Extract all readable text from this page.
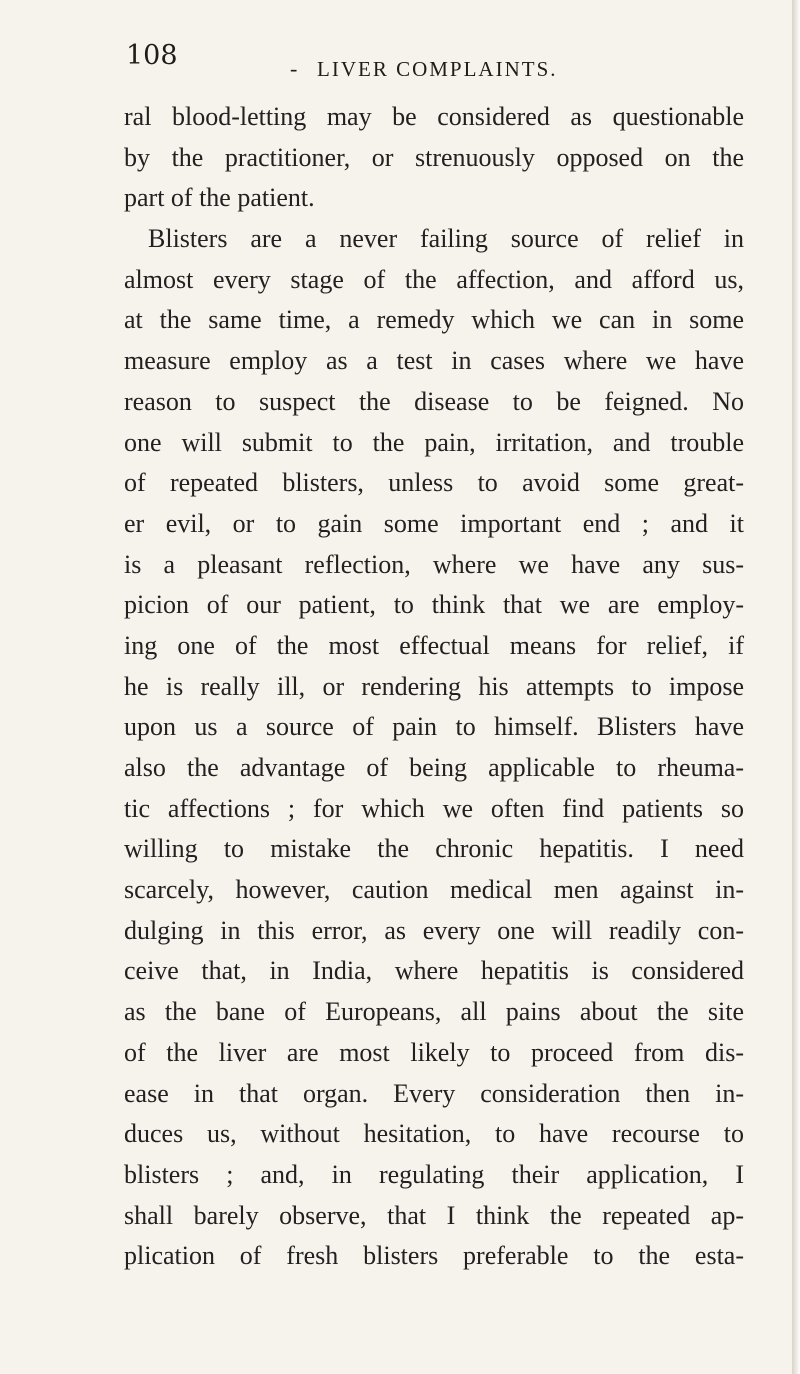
108	- LIVER COMPLAINTS.
ral blood-letting may be considered as questionable
by the practitioner, or strenuously opposed on the
part of the patient.
Blisters are a never failing source of relief in
almost every stage of the affection, and afford us,
at the same time, a remedy which we can in some
measure employ as a test in cases where we have
reason to suspect the disease to be feigned. No
one will submit to the pain, irritation, and trouble
of repeated blisters, unless to avoid some great-
er evil, or to gain some important end ; and it
is a pleasant reflection, where we have any sus-
picion of our patient, to think that we are employ-
ing one of the most effectual means for relief, if
he is really ill, or rendering his attempts to impose
upon us a source of pain to himself. Blisters have
also the advantage of being applicable to rheuma-
tic affections ; for which we often find patients so
willing to mistake the chronic hepatitis. I need
scarcely, however, caution medical men against in-
dulging in this error, as every one will readily con-
ceive that, in India, where hepatitis is considered
as the bane of Europeans, all pains about the site
of the liver are most likely to proceed from dis-
ease in that organ. Every consideration then in-
duces us, without hesitation, to have recourse to
blisters ; and, in regulating their application, I
shall barely observe, that I think the repeated ap-
plication of fresh blisters preferable to the esta-
